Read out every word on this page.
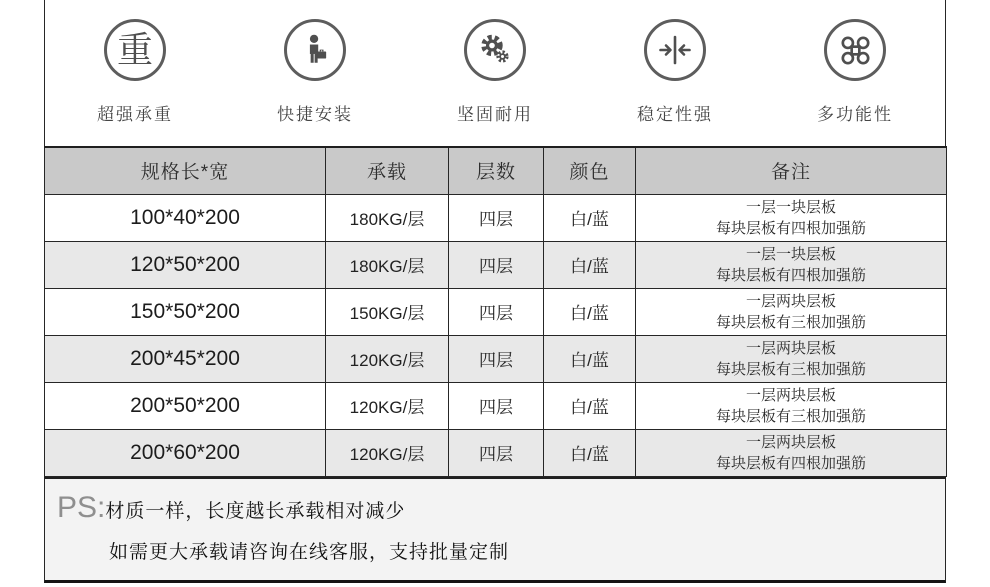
重
超强承重	快捷安装	坚固耐用	稳定性强	多功能性
规格长*宽	承载	层数	颜色	备注
100*40*200	180KG/层	四层	白/蓝	一层一块层板
每块层板有四根加强筋

120*50*200	180KG/层	四层	白/蓝	一层一块层板
每块层板有四根加强筋

150*50*200	150KG/层	四层	白/蓝	一层两块层板
每块层板有三根加强筋

200*45*200	120KG/层	四层	白/蓝	一层两块层板
每块层板有三根加强筋

200*50*200	120KG/层	四层	白/蓝	一层两块层板
每块层板有三根加强筋

200*60*200	120KG/层	四层	白/蓝	一层两块层板
每块层板有四根加强筋
PS: 材质一样，长度越长承载相对减少
如需更大承载请咨询在线客服，支持批量定制
